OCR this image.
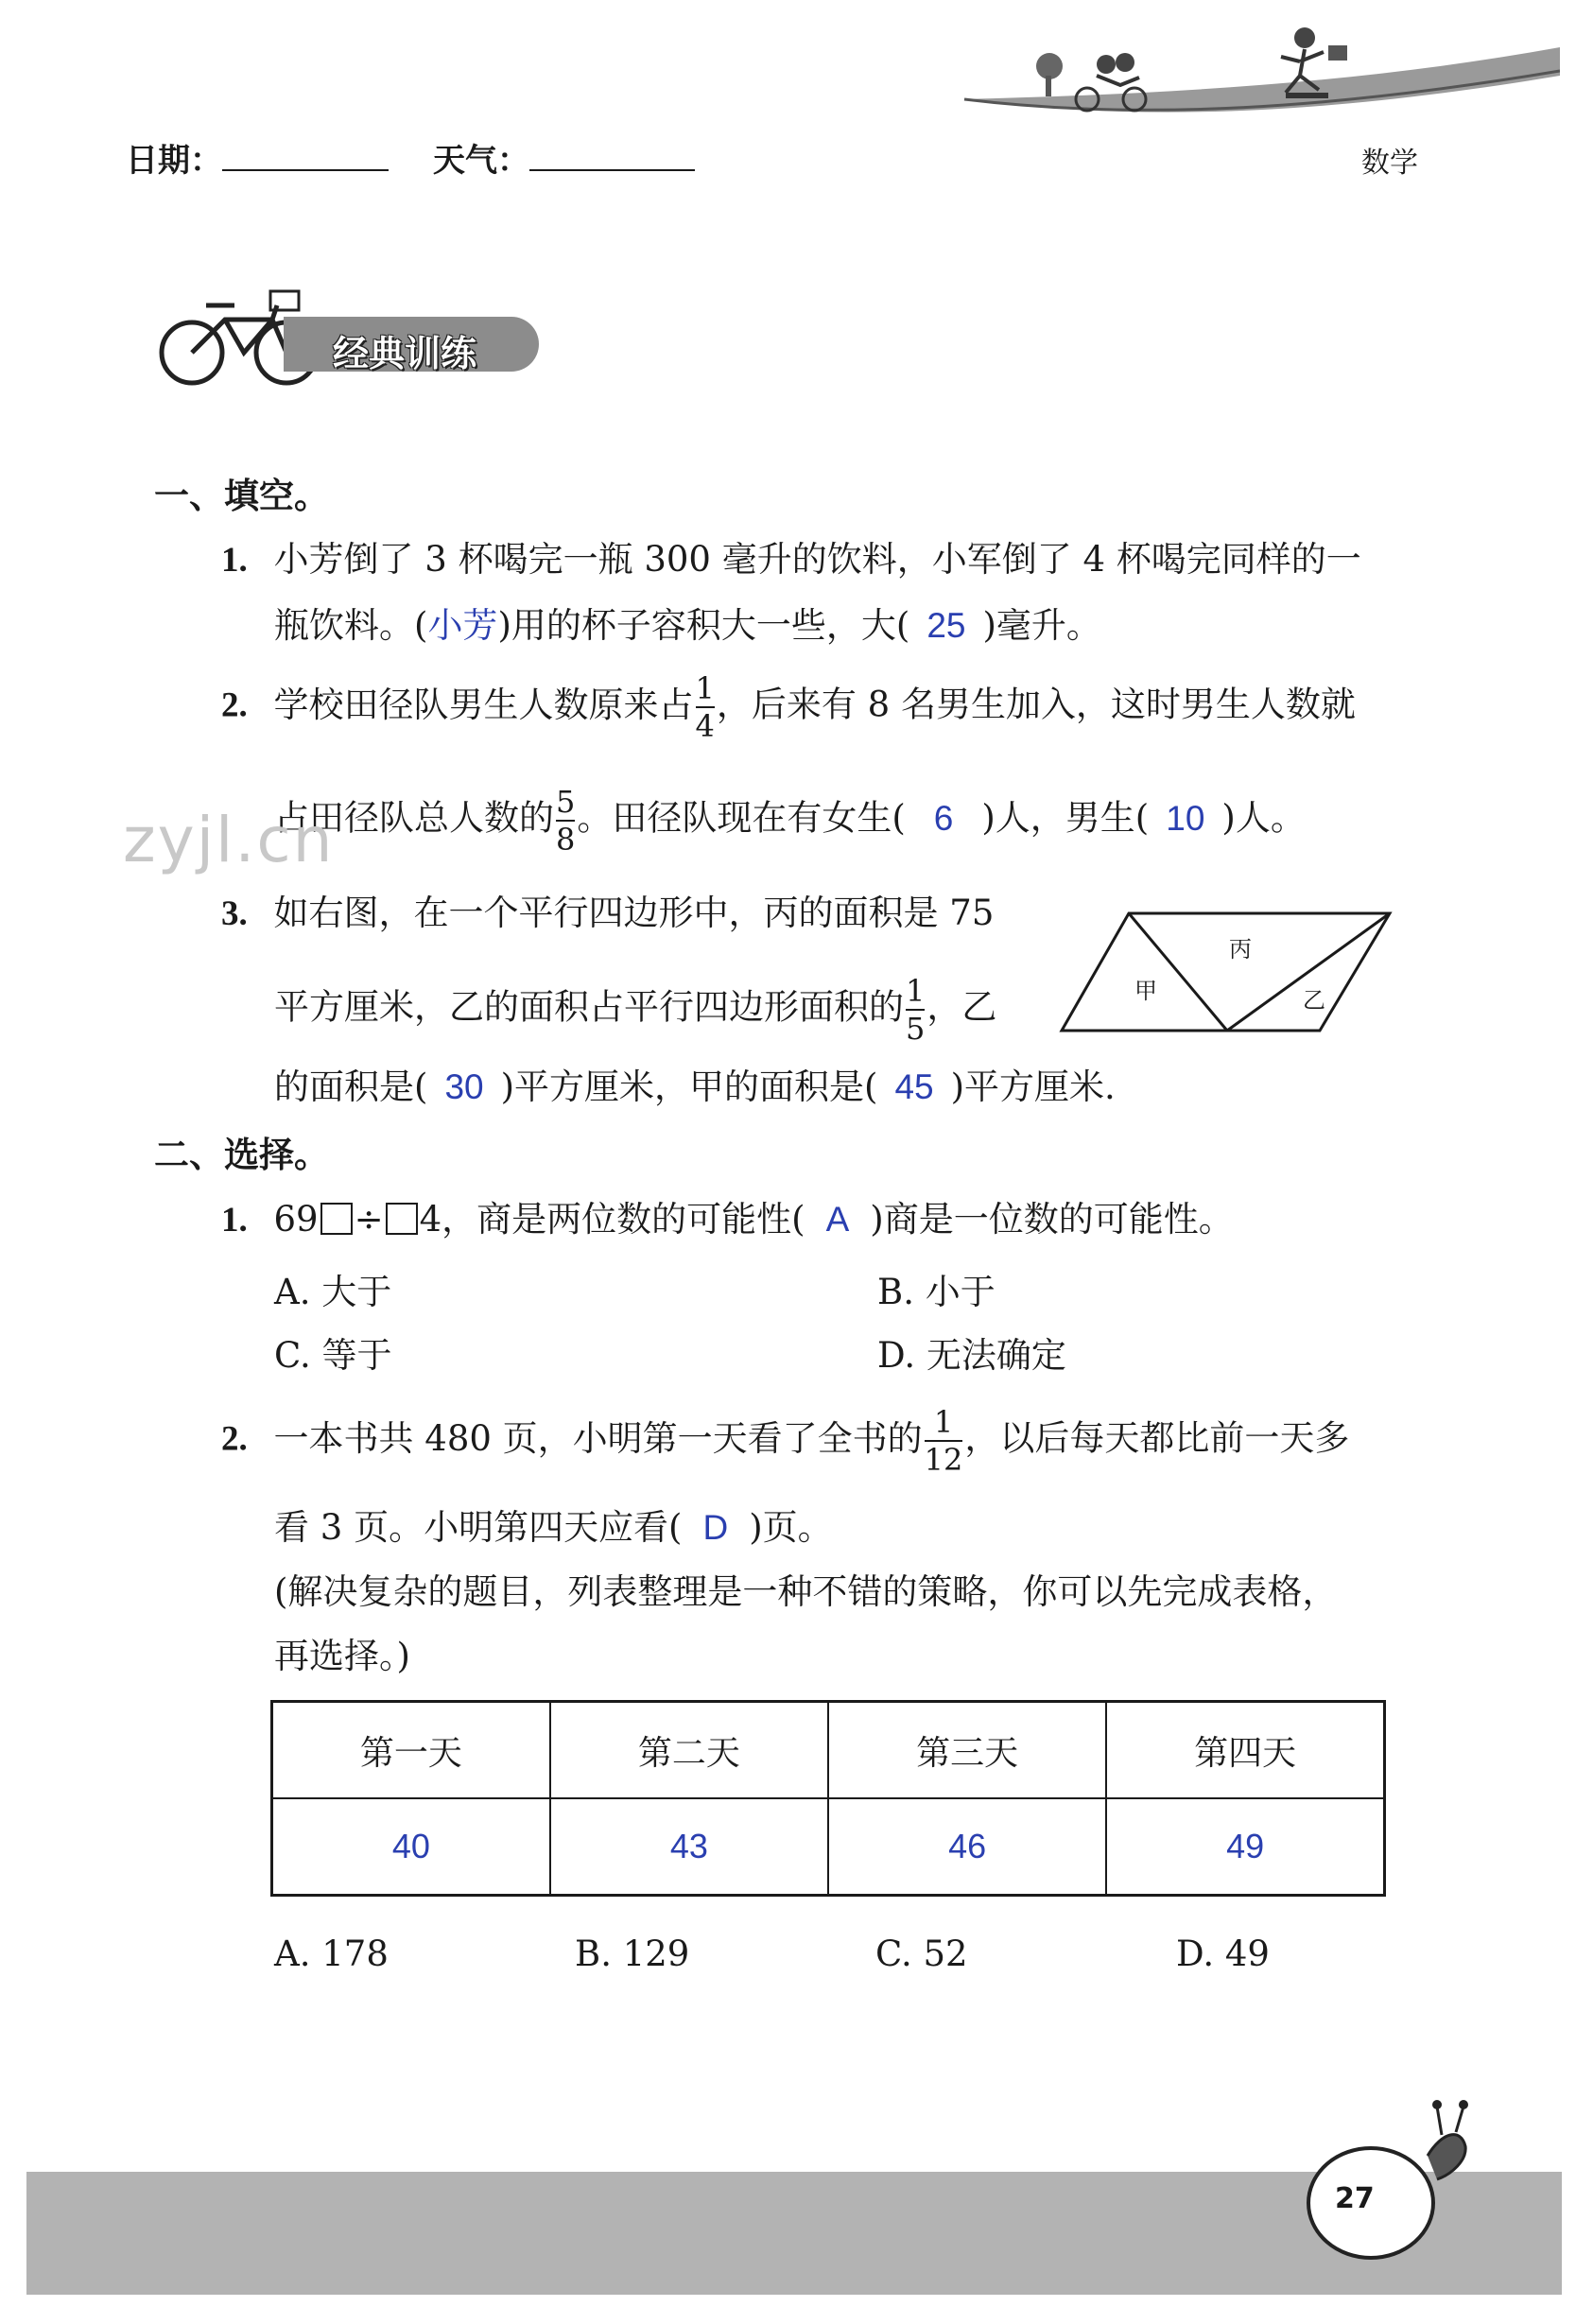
日期：	天气：	数学
经典训练
一、填空。
1. 小芳倒了 3 杯喝完一瓶 300 毫升的饮料，小军倒了 4 杯喝完同样的一
瓶饮料。(小芳)用的杯子容积大一些，大( 25 )毫升。
2. 学校田径队男生人数原来占 $\frac{1}{4}$ ，后来有 8 名男生加入，这时男生人数就
占田径队总人数的 $\frac{5}{8}$ 。田径队现在有女生( 6 )人，男生( 10 )人。
zyjl.cn
3. 如右图，在一个平行四边形中，丙的面积是 75
平方厘米，乙的面积占平行四边形面积的 $\frac{1}{5}$ ，乙
的面积是( 30 )平方厘米，甲的面积是( 45 )平方厘米.
甲
丙
乙
二、选择。
1. 69 ÷ 4，商是两位数的可能性( A )商是一位数的可能性。
A. 大于	B. 小于
C. 等于	D. 无法确定
2. 一本书共 480 页，小明第一天看了全书的 $\frac{1}{12}$ ，以后每天都比前一天多
看 3 页。小明第四天应看( D )页。
(解决复杂的题目，列表整理是一种不错的策略，你可以先完成表格，
再选择。)
第一天	第二天	第三天	第四天
40	43	46	49
A. 178	B. 129	C. 52	D. 49
27
